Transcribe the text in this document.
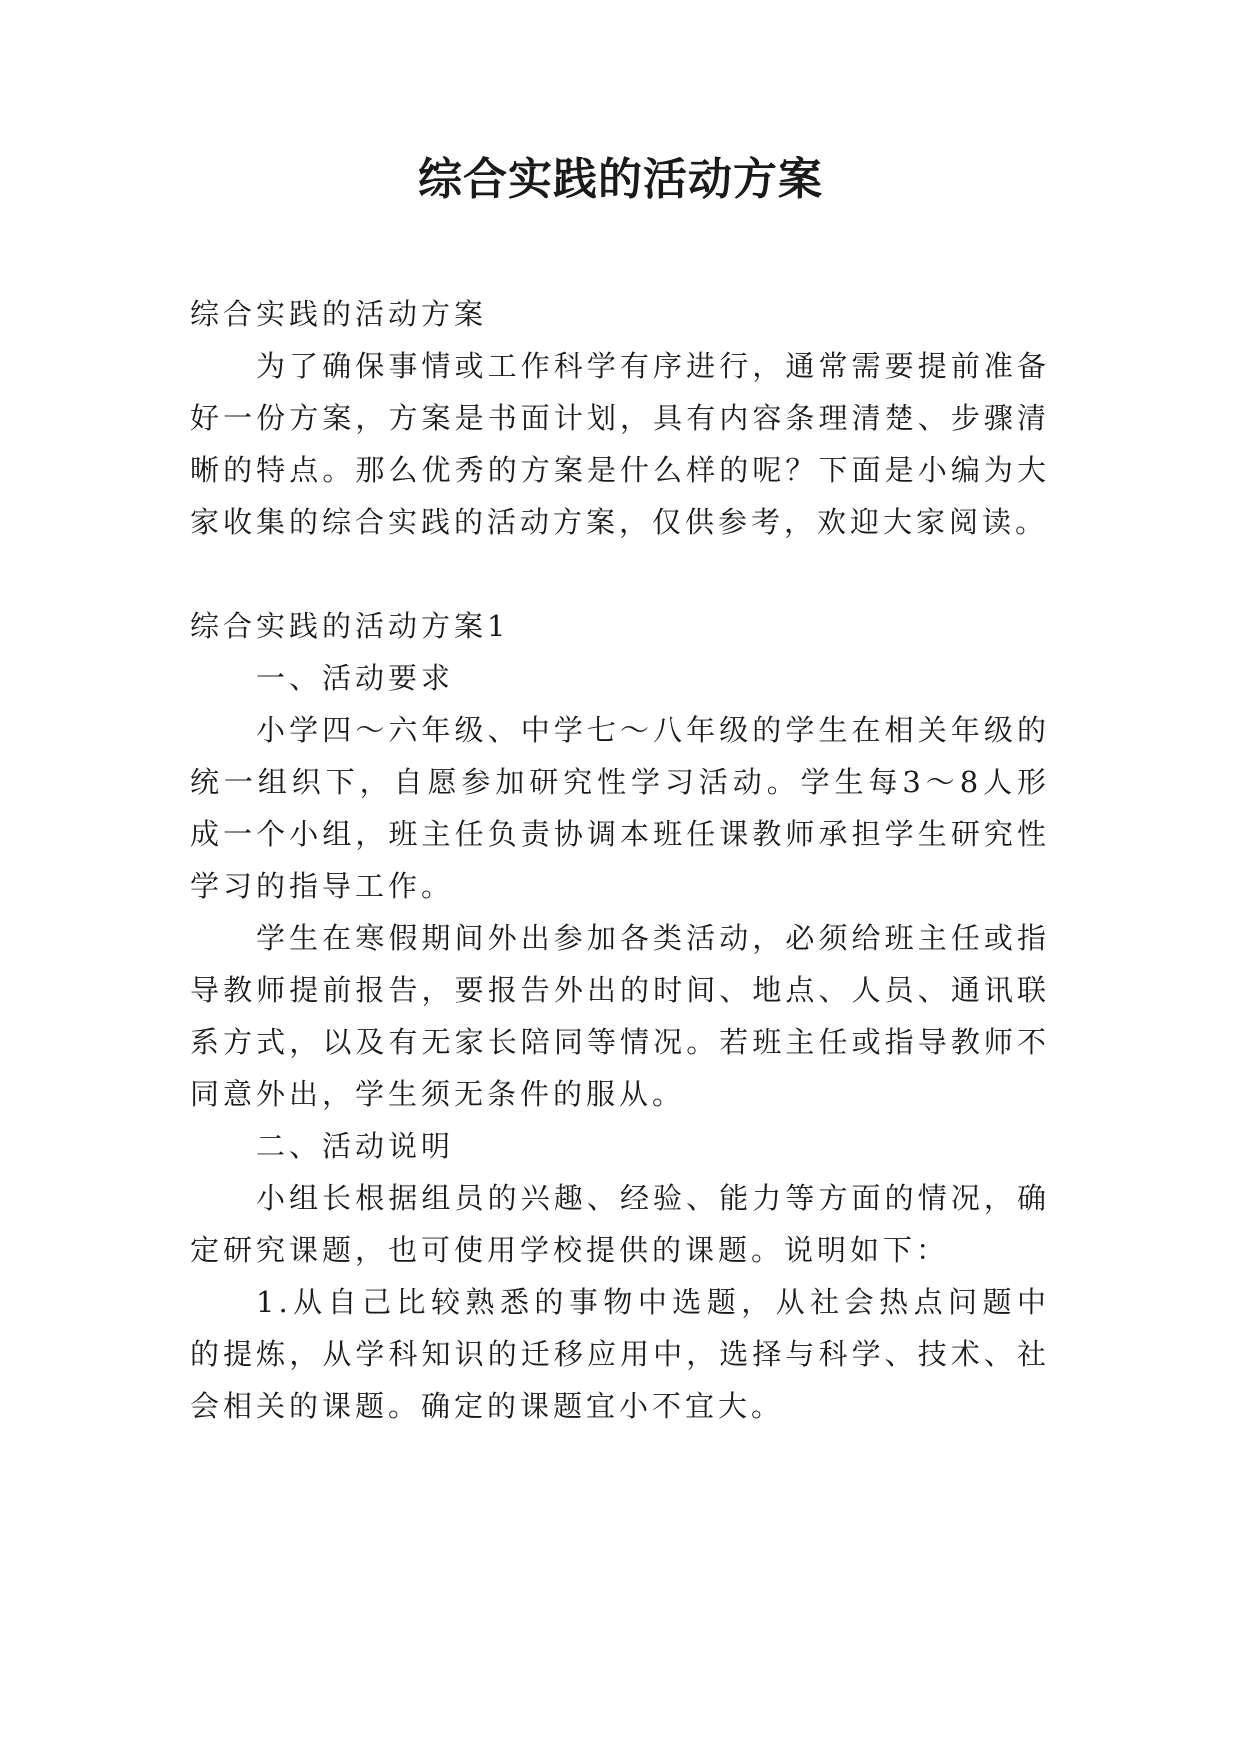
综合实践的活动方案

综合实践的活动方案

为了确保事情或工作科学有序进行，通常需要提前准备好一份方案，方案是书面计划，具有内容条理清楚、步骤清晰的特点。那么优秀的方案是什么样的呢？下面是小编为大家收集的综合实践的活动方案，仅供参考，欢迎大家阅读。

综合实践的活动方案1

一、活动要求

小学四～六年级、中学七～八年级的学生在相关年级的统一组织下，自愿参加研究性学习活动。学生每3～8人形成一个小组，班主任负责协调本班任课教师承担学生研究性学习的指导工作。

学生在寒假期间外出参加各类活动，必须给班主任或指导教师提前报告，要报告外出的时间、地点、人员、通讯联系方式，以及有无家长陪同等情况。若班主任或指导教师不同意外出，学生须无条件的服从。

二、活动说明

小组长根据组员的兴趣、经验、能力等方面的情况，确定研究课题，也可使用学校提供的课题。说明如下：

1.从自己比较熟悉的事物中选题，从社会热点问题中的提炼，从学科知识的迁移应用中，选择与科学、技术、社会相关的课题。确定的课题宜小不宜大。
